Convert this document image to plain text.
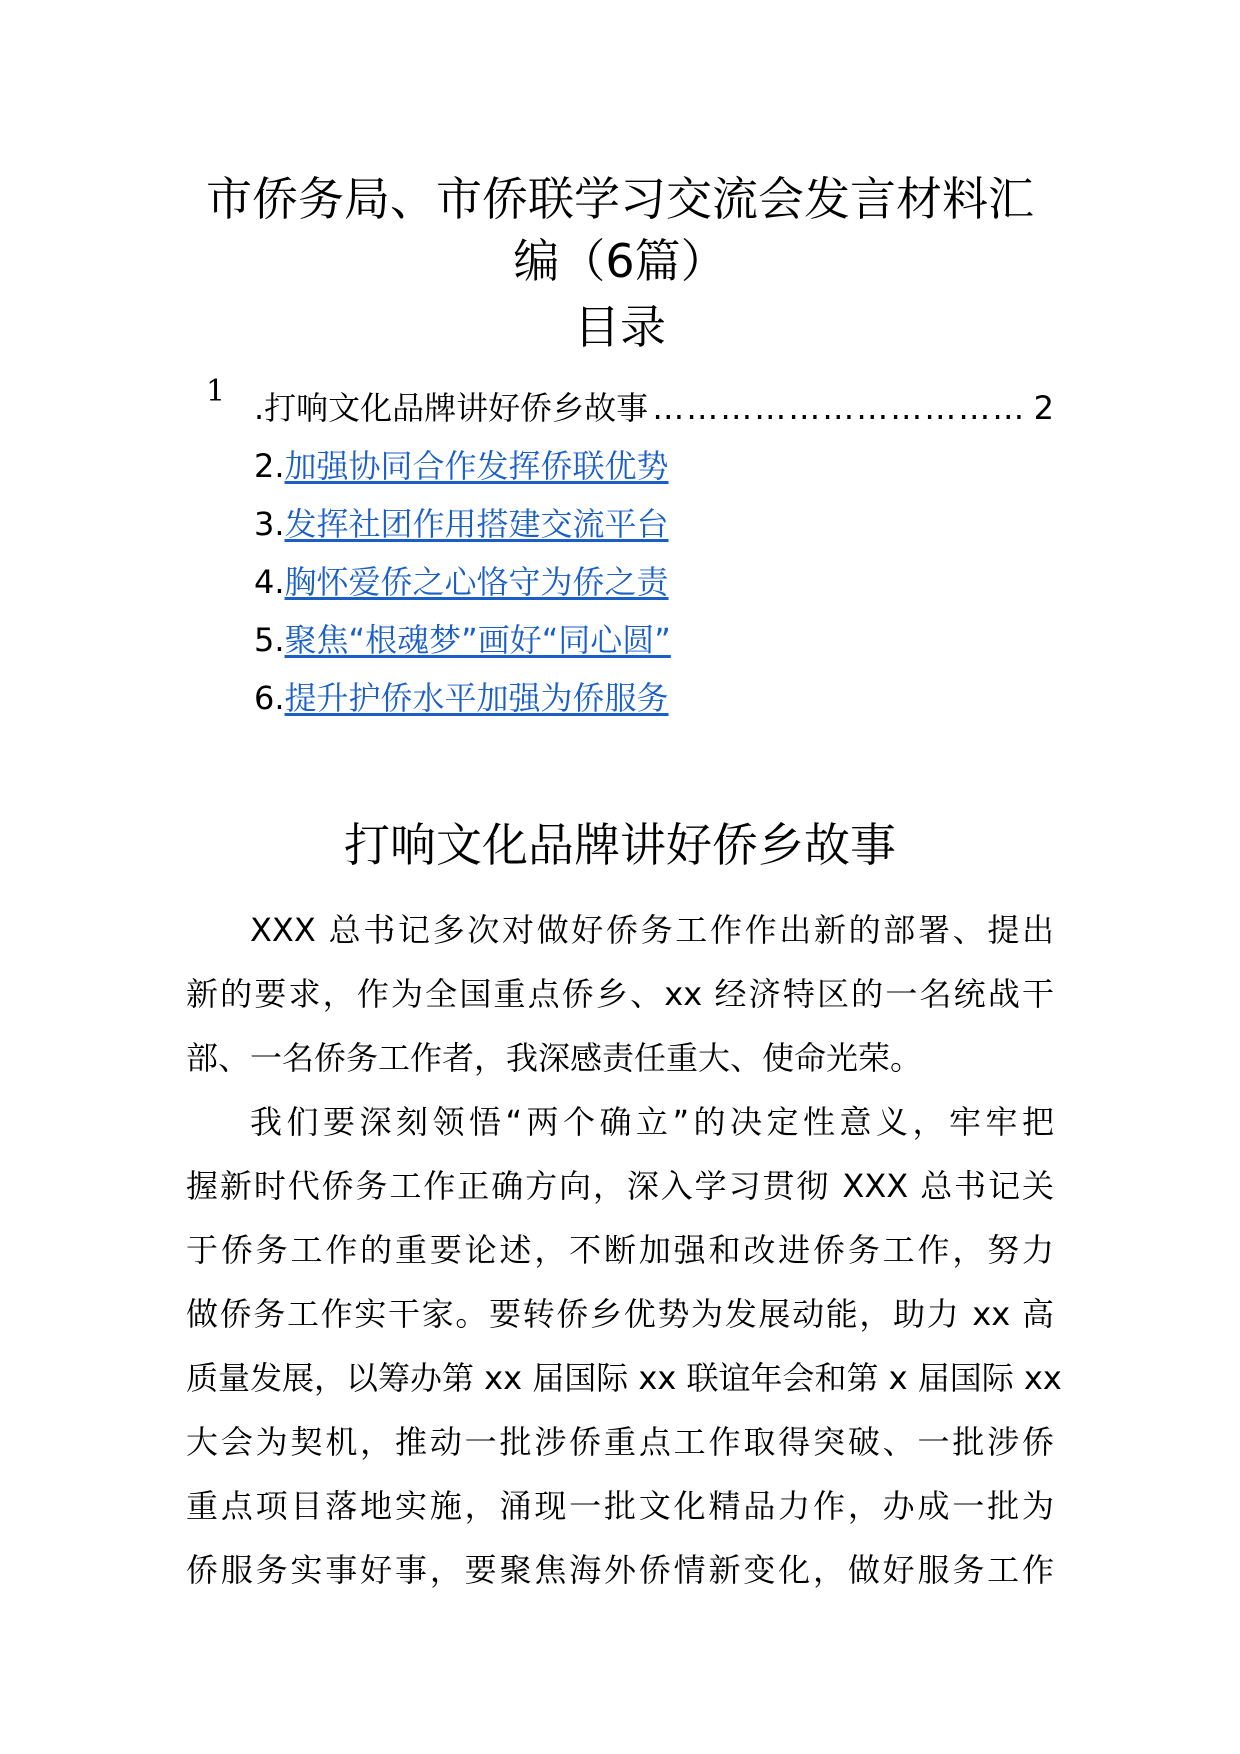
市侨务局、市侨联学习交流会发言材料汇
编（6篇）
目录
1 . 打响文化品牌讲好侨乡故事 …………………………… 2
2.加强协同合作发挥侨联优势
3.发挥社团作用搭建交流平台
4.胸怀爱侨之心恪守为侨之责
5.聚焦“根魂梦”画好“同心圆”
6.提升护侨水平加强为侨服务
打响文化品牌讲好侨乡故事
XXX 总书记多次对做好侨务工作作出新的部署、提出
新的要求，作为全国重点侨乡、xx 经济特区的一名统战干
部、一名侨务工作者，我深感责任重大、使命光荣。
我们要深刻领悟“两个确立”的决定性意义，牢牢把
握新时代侨务工作正确方向，深入学习贯彻 XXX 总书记关
于侨务工作的重要论述，不断加强和改进侨务工作，努力
做侨务工作实干家。要转侨乡优势为发展动能，助力 xx 高
质量发展，以筹办第 xx 届国际 xx 联谊年会和第 x 届国际 xx
大会为契机，推动一批涉侨重点工作取得突破、一批涉侨
重点项目落地实施，涌现一批文化精品力作，办成一批为
侨服务实事好事，要聚焦海外侨情新变化，做好服务工作
